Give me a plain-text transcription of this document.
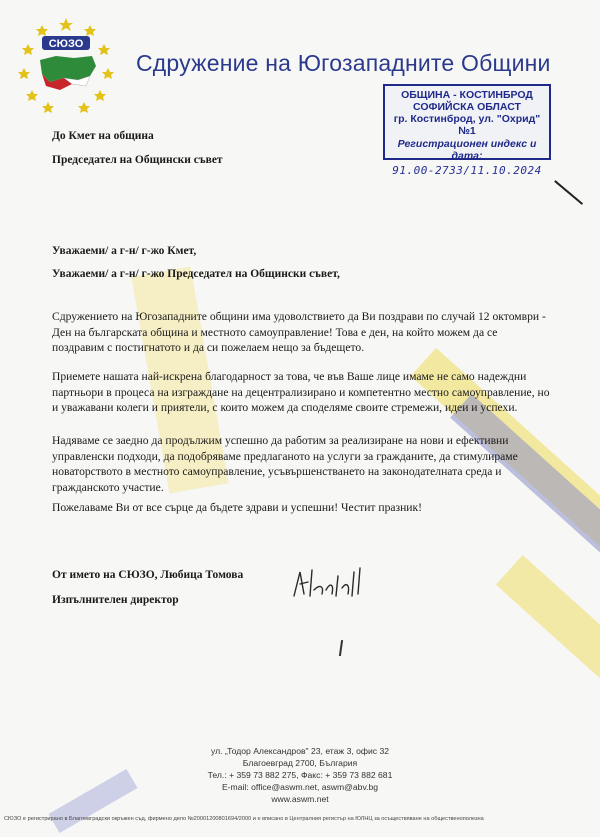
СЮЗО
Сдружение на Югозападните Общини
ОБЩИНА - КОСТИНБРОД
СОФИЙСКА ОБЛАСТ
гр. Костинброд, ул. "Охрид" №1
Регистрационен индекс и дата:
91.00-2733/11.10.2024
До Кмет на община
Председател на Общински съвет
Уважаеми/ а г-н/ г-жо Кмет,
Уважаеми/ а г-н/ г-жо Председател на Общински съвет,
Сдружението на Югозападните общини има удоволствието да Ви поздрави по случай 12 октомври - Ден на българската община и местното самоуправление! Това е ден, на който можем да се поздравим с постигнатото и да си пожелаем нещо за бъдещето.
Приемете нашата най-искрена благодарност за това, че във Ваше лице имаме не само надеждни партньори в процеса на изграждане на децентрализирано и компетентно местно самоуправление, но и уважавани колеги и приятели, с които можем да споделяме своите стремежи, идеи и успехи.
Надяваме се заедно да продължим успешно да работим за реализиране на нови и ефективни управленски подходи, да подобряваме предлаганото на услуги за гражданите, да стимулираме новаторството в местното самоуправление, усъвършенстването на законодателната среда и гражданското участие.
Пожелаваме Ви от все сърце да бъдете здрави и успешни! Честит празник!
От името на СЮЗО, Любица Томова
Изпълнителен директор
ул. „Тодор Александров" 23, етаж 3, офис 32
Благоевград 2700, България
Тел.: + 359 73 882 275, Факс: + 359 73 882 681
E-mail: office@aswm.net, aswm@abv.bg
www.aswm.net
СЮЗО е регистрирано в Благоевградски окръжен съд, фирмено дело №20001200801694/2000 и е вписано в Централния регистър на ЮЛНЦ за осъществяване на общественополезна
